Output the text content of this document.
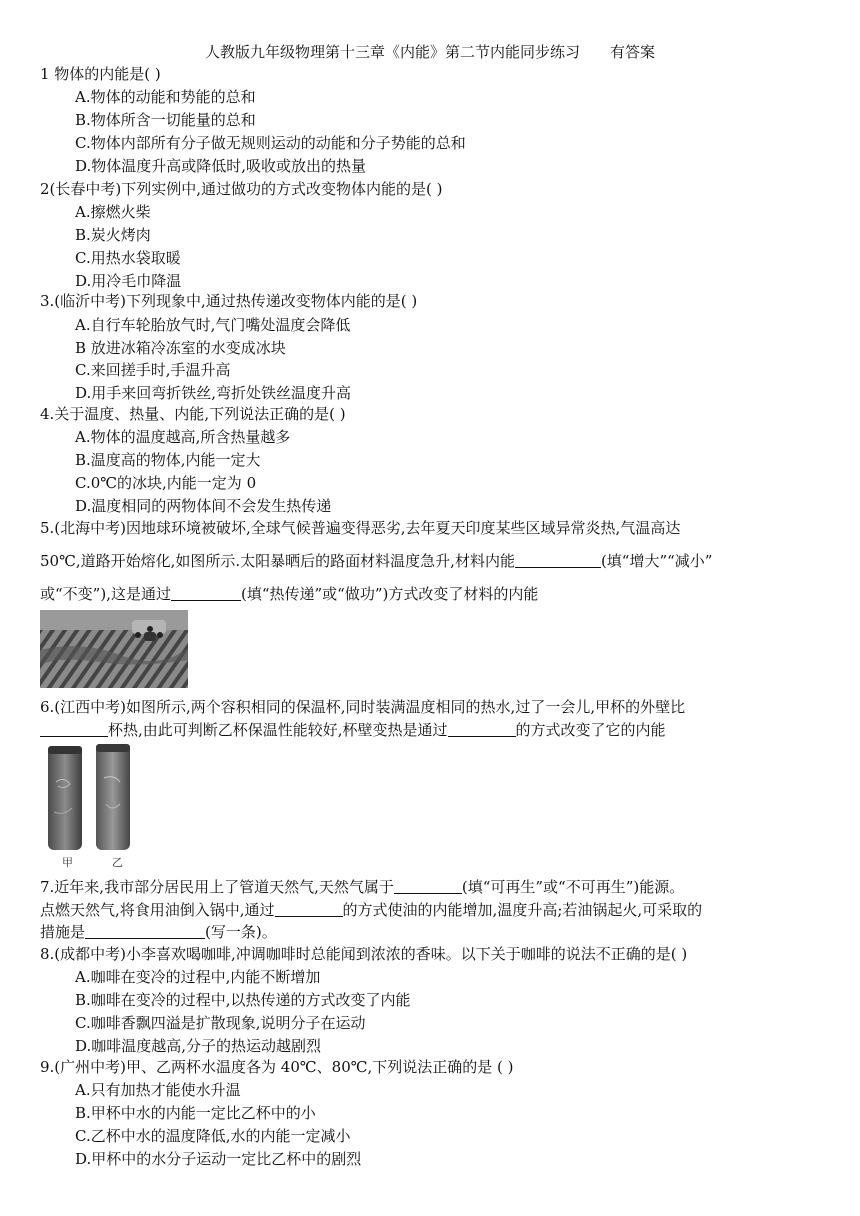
人教版九年级物理第十三章《内能》第二节内能同步练习 有答案
1 物体的内能是( )
A.物体的动能和势能的总和
B.物体所含一切能量的总和
C.物体内部所有分子做无规则运动的动能和分子势能的总和
D.物体温度升高或降低时,吸收或放出的热量
2(长春中考)下列实例中,通过做功的方式改变物体内能的是( )
A.擦燃火柴
B.炭火烤肉
C.用热水袋取暖
D.用冷毛巾降温
3.(临沂中考)下列现象中,通过热传递改变物体内能的是( )
A.自行车轮胎放气时,气门嘴处温度会降低
B 放进冰箱冷冻室的水变成冰块
C.来回搓手时,手温升高
D.用手来回弯折铁丝,弯折处铁丝温度升高
4.关于温度、热量、内能,下列说法正确的是( )
A.物体的温度越高,所含热量越多
B.温度高的物体,内能一定大
C.0℃的冰块,内能一定为 0
D.温度相同的两物体间不会发生热传递
5.(北海中考)因地球环境被破坏,全球气候普遍变得恶劣,去年夏天印度某些区域异常炎热,气温高达
50℃,道路开始熔化,如图所示.太阳暴晒后的路面材料温度急升,材料内能	(填“增大”“减小”
或“不变”),这是通过	(填“热传递”或“做功”)方式改变了材料的内能
6.(江西中考)如图所示,两个容积相同的保温杯,同时装满温度相同的热水,过了一会儿,甲杯的外壁比
杯热,由此可判断乙杯保温性能较好,杯壁变热是通过	的方式改变了它的内能
甲	乙
7.近年来,我市部分居民用上了管道天然气,天然气属于	(填“可再生”或“不可再生”)能源。
点燃天然气,将食用油倒入锅中,通过	的方式使油的内能增加,温度升高;若油锅起火,可采取的
措施是	(写一条)。
8.(成都中考)小李喜欢喝咖啡,冲调咖啡时总能闻到浓浓的香味。以下关于咖啡的说法不正确的是( )
A.咖啡在变冷的过程中,内能不断增加
B.咖啡在变冷的过程中,以热传递的方式改变了内能
C.咖啡香飘四溢是扩散现象,说明分子在运动
D.咖啡温度越高,分子的热运动越剧烈
9.(广州中考)甲、乙两杯水温度各为 40℃、80℃,下列说法正确的是 ( )
A.只有加热才能使水升温
B.甲杯中水的内能一定比乙杯中的小
C.乙杯中水的温度降低,水的内能一定减小
D.甲杯中的水分子运动一定比乙杯中的剧烈
